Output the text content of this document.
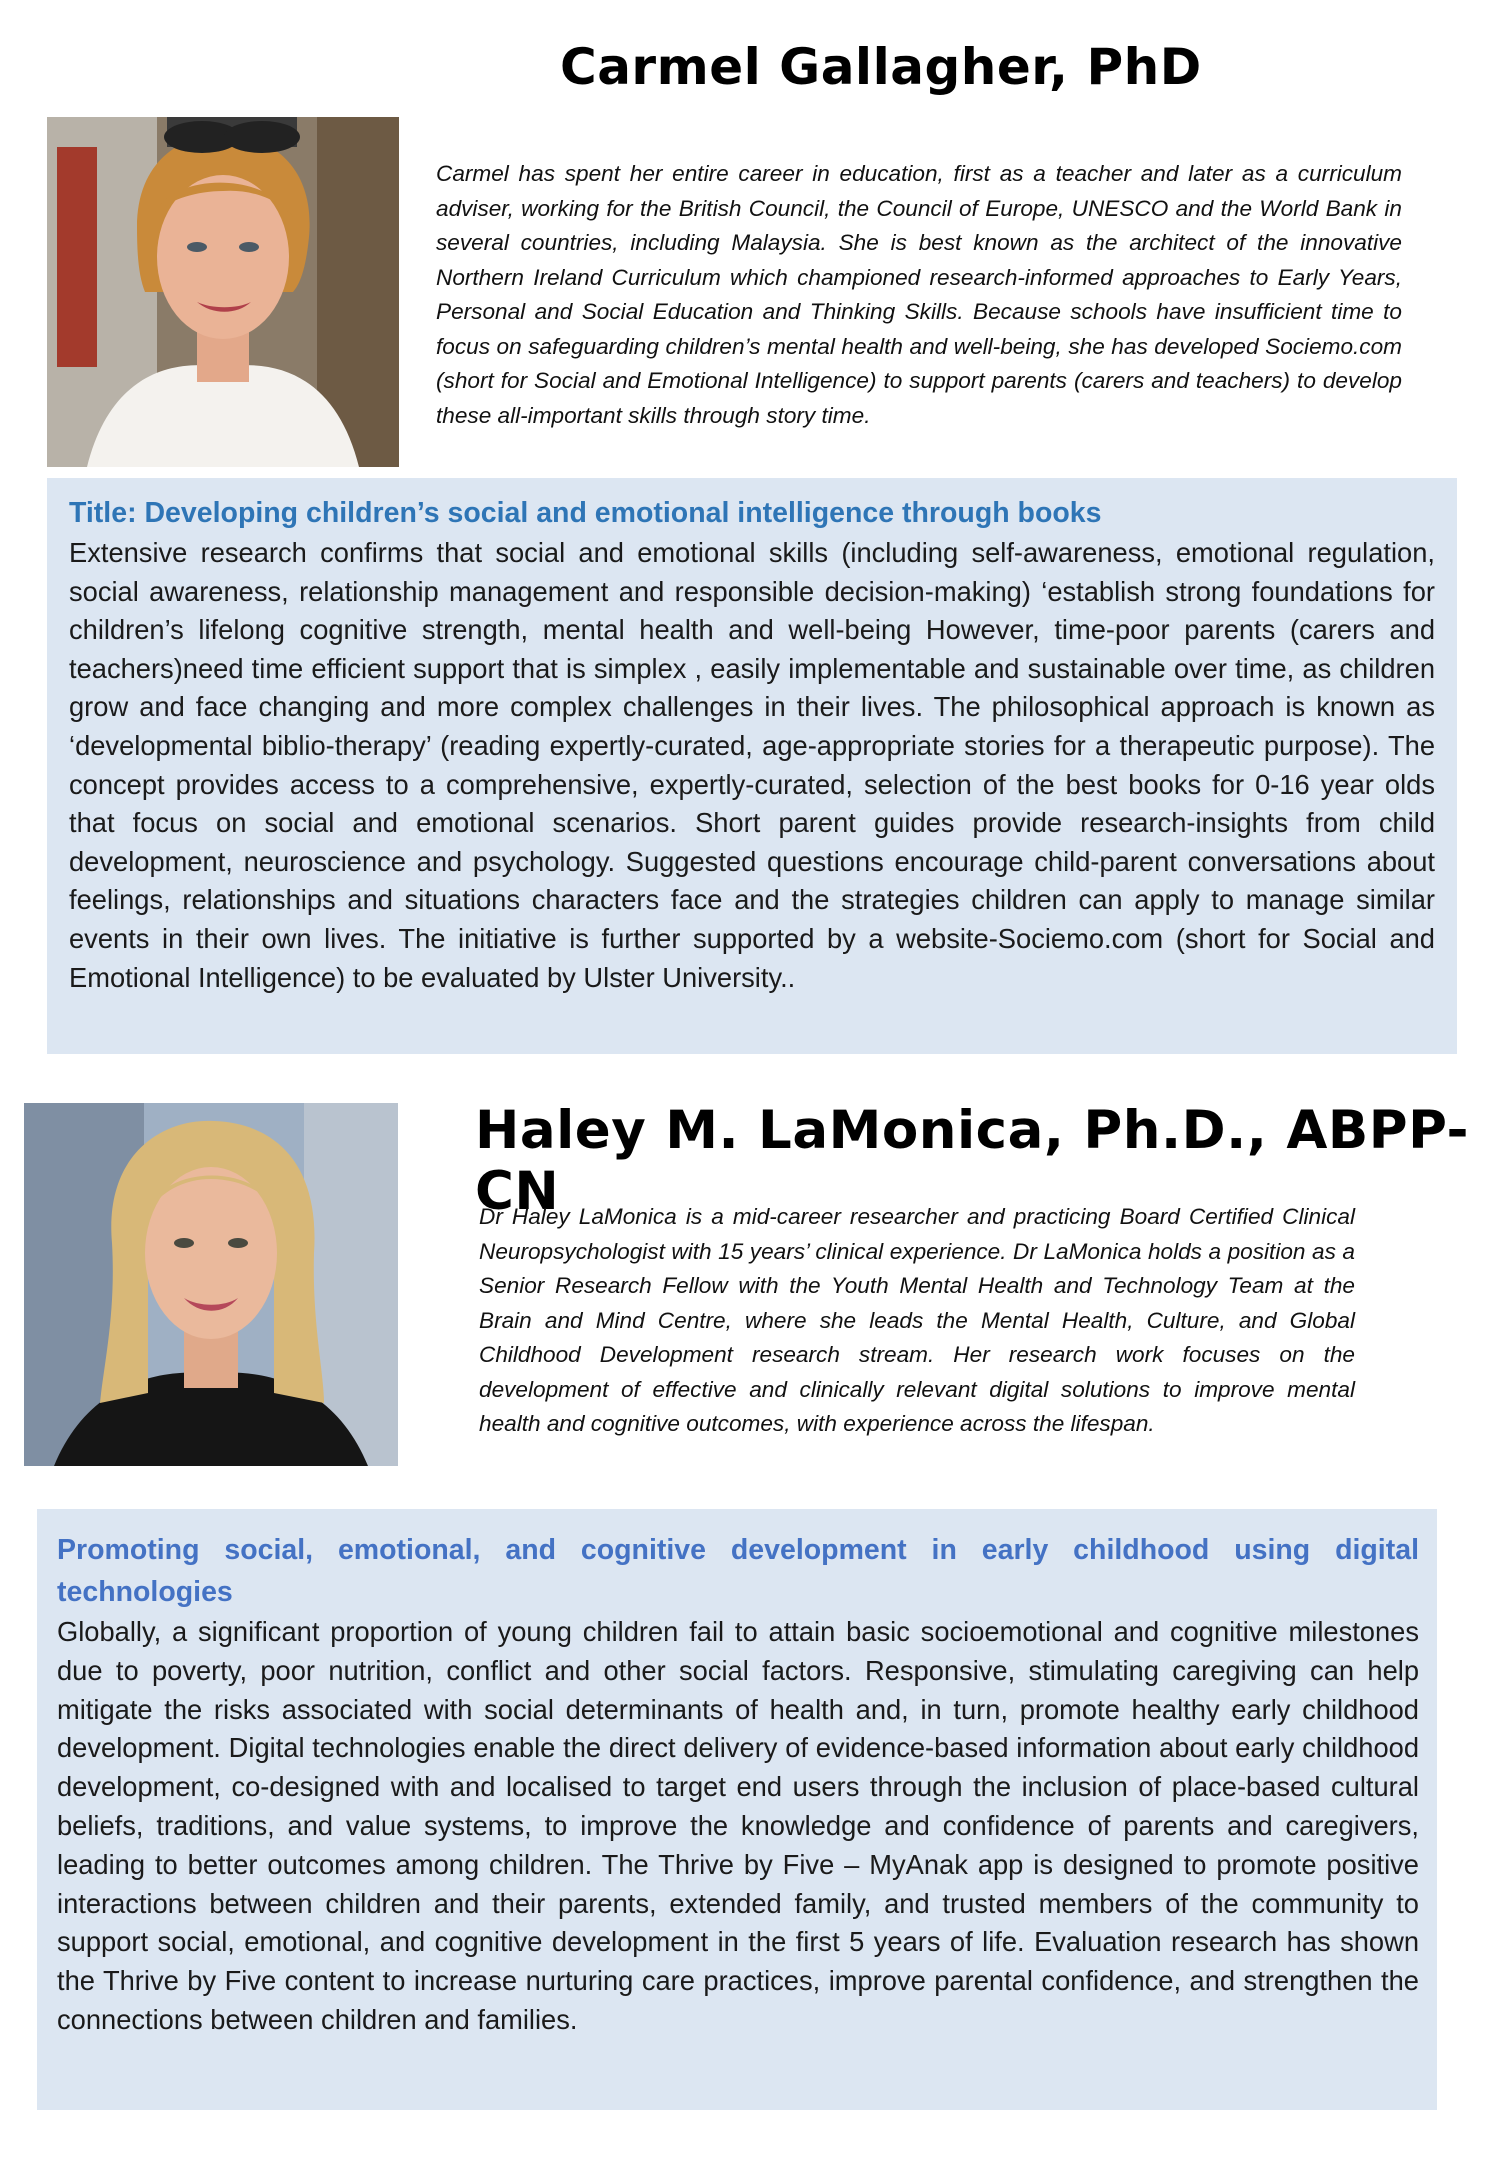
Carmel Gallagher, PhD

Carmel has spent her entire career in education, first as a teacher and later as a curriculum adviser, working for the British Council, the Council of Europe, UNESCO and the World Bank in several countries, including Malaysia. She is best known as the architect of the innovative Northern Ireland Curriculum which championed research-informed approaches to Early Years, Personal and Social Education and Thinking Skills. Because schools have insufficient time to focus on safeguarding children’s mental health and well-being, she has developed Sociemo.com (short for Social and Emotional Intelligence) to support parents (carers and teachers) to develop these all-important skills through story time.

Title: Developing children’s social and emotional intelligence through books

Extensive research confirms that social and emotional skills (including self-awareness, emotional regulation, social awareness, relationship management and responsible decision-making) ‘establish strong foundations for children’s lifelong cognitive strength, mental health and well-being However, time-poor parents (carers and teachers)need time efficient support that is simplex , easily implementable and sustainable over time, as children grow and face changing and more complex challenges in their lives. The philosophical approach is known as ‘developmental biblio-therapy’ (reading expertly-curated, age-appropriate stories for a therapeutic purpose). The concept provides access to a comprehensive, expertly-curated, selection of the best books for 0-16 year olds that focus on social and emotional scenarios. Short parent guides provide research-insights from child development, neuroscience and psychology. Suggested questions encourage child-parent conversations about feelings, relationships and situations characters face and the strategies children can apply to manage similar events in their own lives. The initiative is further supported by a website-Sociemo.com (short for Social and Emotional Intelligence) to be evaluated by Ulster University..

Haley M. LaMonica, Ph.D., ABPP-CN

Dr Haley LaMonica is a mid-career researcher and practicing Board Certified Clinical Neuropsychologist with 15 years’ clinical experience. Dr LaMonica holds a position as a Senior Research Fellow with the Youth Mental Health and Technology Team at the Brain and Mind Centre, where she leads the Mental Health, Culture, and Global Childhood Development research stream. Her research work focuses on the development of effective and clinically relevant digital solutions to improve mental health and cognitive outcomes, with experience across the lifespan.

Promoting social, emotional, and cognitive development in early childhood using digital technologies

Globally, a significant proportion of young children fail to attain basic socioemotional and cognitive milestones due to poverty, poor nutrition, conflict and other social factors. Responsive, stimulating caregiving can help mitigate the risks associated with social determinants of health and, in turn, promote healthy early childhood development. Digital technologies enable the direct delivery of evidence-based information about early childhood development, co-designed with and localised to target end users through the inclusion of place-based cultural beliefs, traditions, and value systems, to improve the knowledge and confidence of parents and caregivers, leading to better outcomes among children. The Thrive by Five – MyAnak app is designed to promote positive interactions between children and their parents, extended family, and trusted members of the community to support social, emotional, and cognitive development in the first 5 years of life. Evaluation research has shown the Thrive by Five content to increase nurturing care practices, improve parental confidence, and strengthen the connections between children and families.
